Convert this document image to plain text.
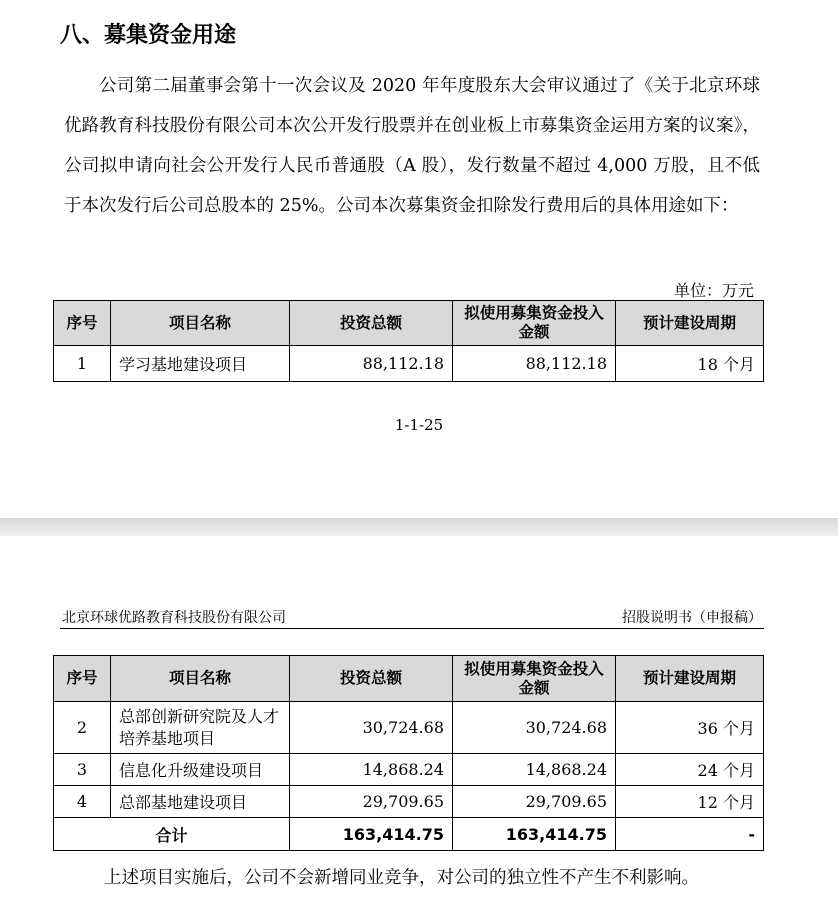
八、募集资金用途
公司第二届董事会第十一次会议及 2020 年年度股东大会审议通过了《关于北京环球优路教育科技股份有限公司本次公开发行股票并在创业板上市募集资金运用方案的议案》，公司拟申请向社会公开发行人民币普通股（A 股），发行数量不超过 4,000 万股，且不低于本次发行后公司总股本的 25%。公司本次募集资金扣除发行费用后的具体用途如下：
单位：万元
序号	项目名称	投资总额	拟使用募集资金投入金额	预计建设周期
1	学习基地建设项目	88,112.18	88,112.18	18 个月
1-1-25
北京环球优路教育科技股份有限公司	招股说明书（申报稿）
序号	项目名称	投资总额	拟使用募集资金投入金额	预计建设周期
2	总部创新研究院及人才培养基地项目	30,724.68	30,724.68	36 个月
3	信息化升级建设项目	14,868.24	14,868.24	24 个月
4	总部基地建设项目	29,709.65	29,709.65	12 个月
合计		163,414.75	163,414.75	-
上述项目实施后，公司不会新增同业竞争，对公司的独立性不产生不利影响。
